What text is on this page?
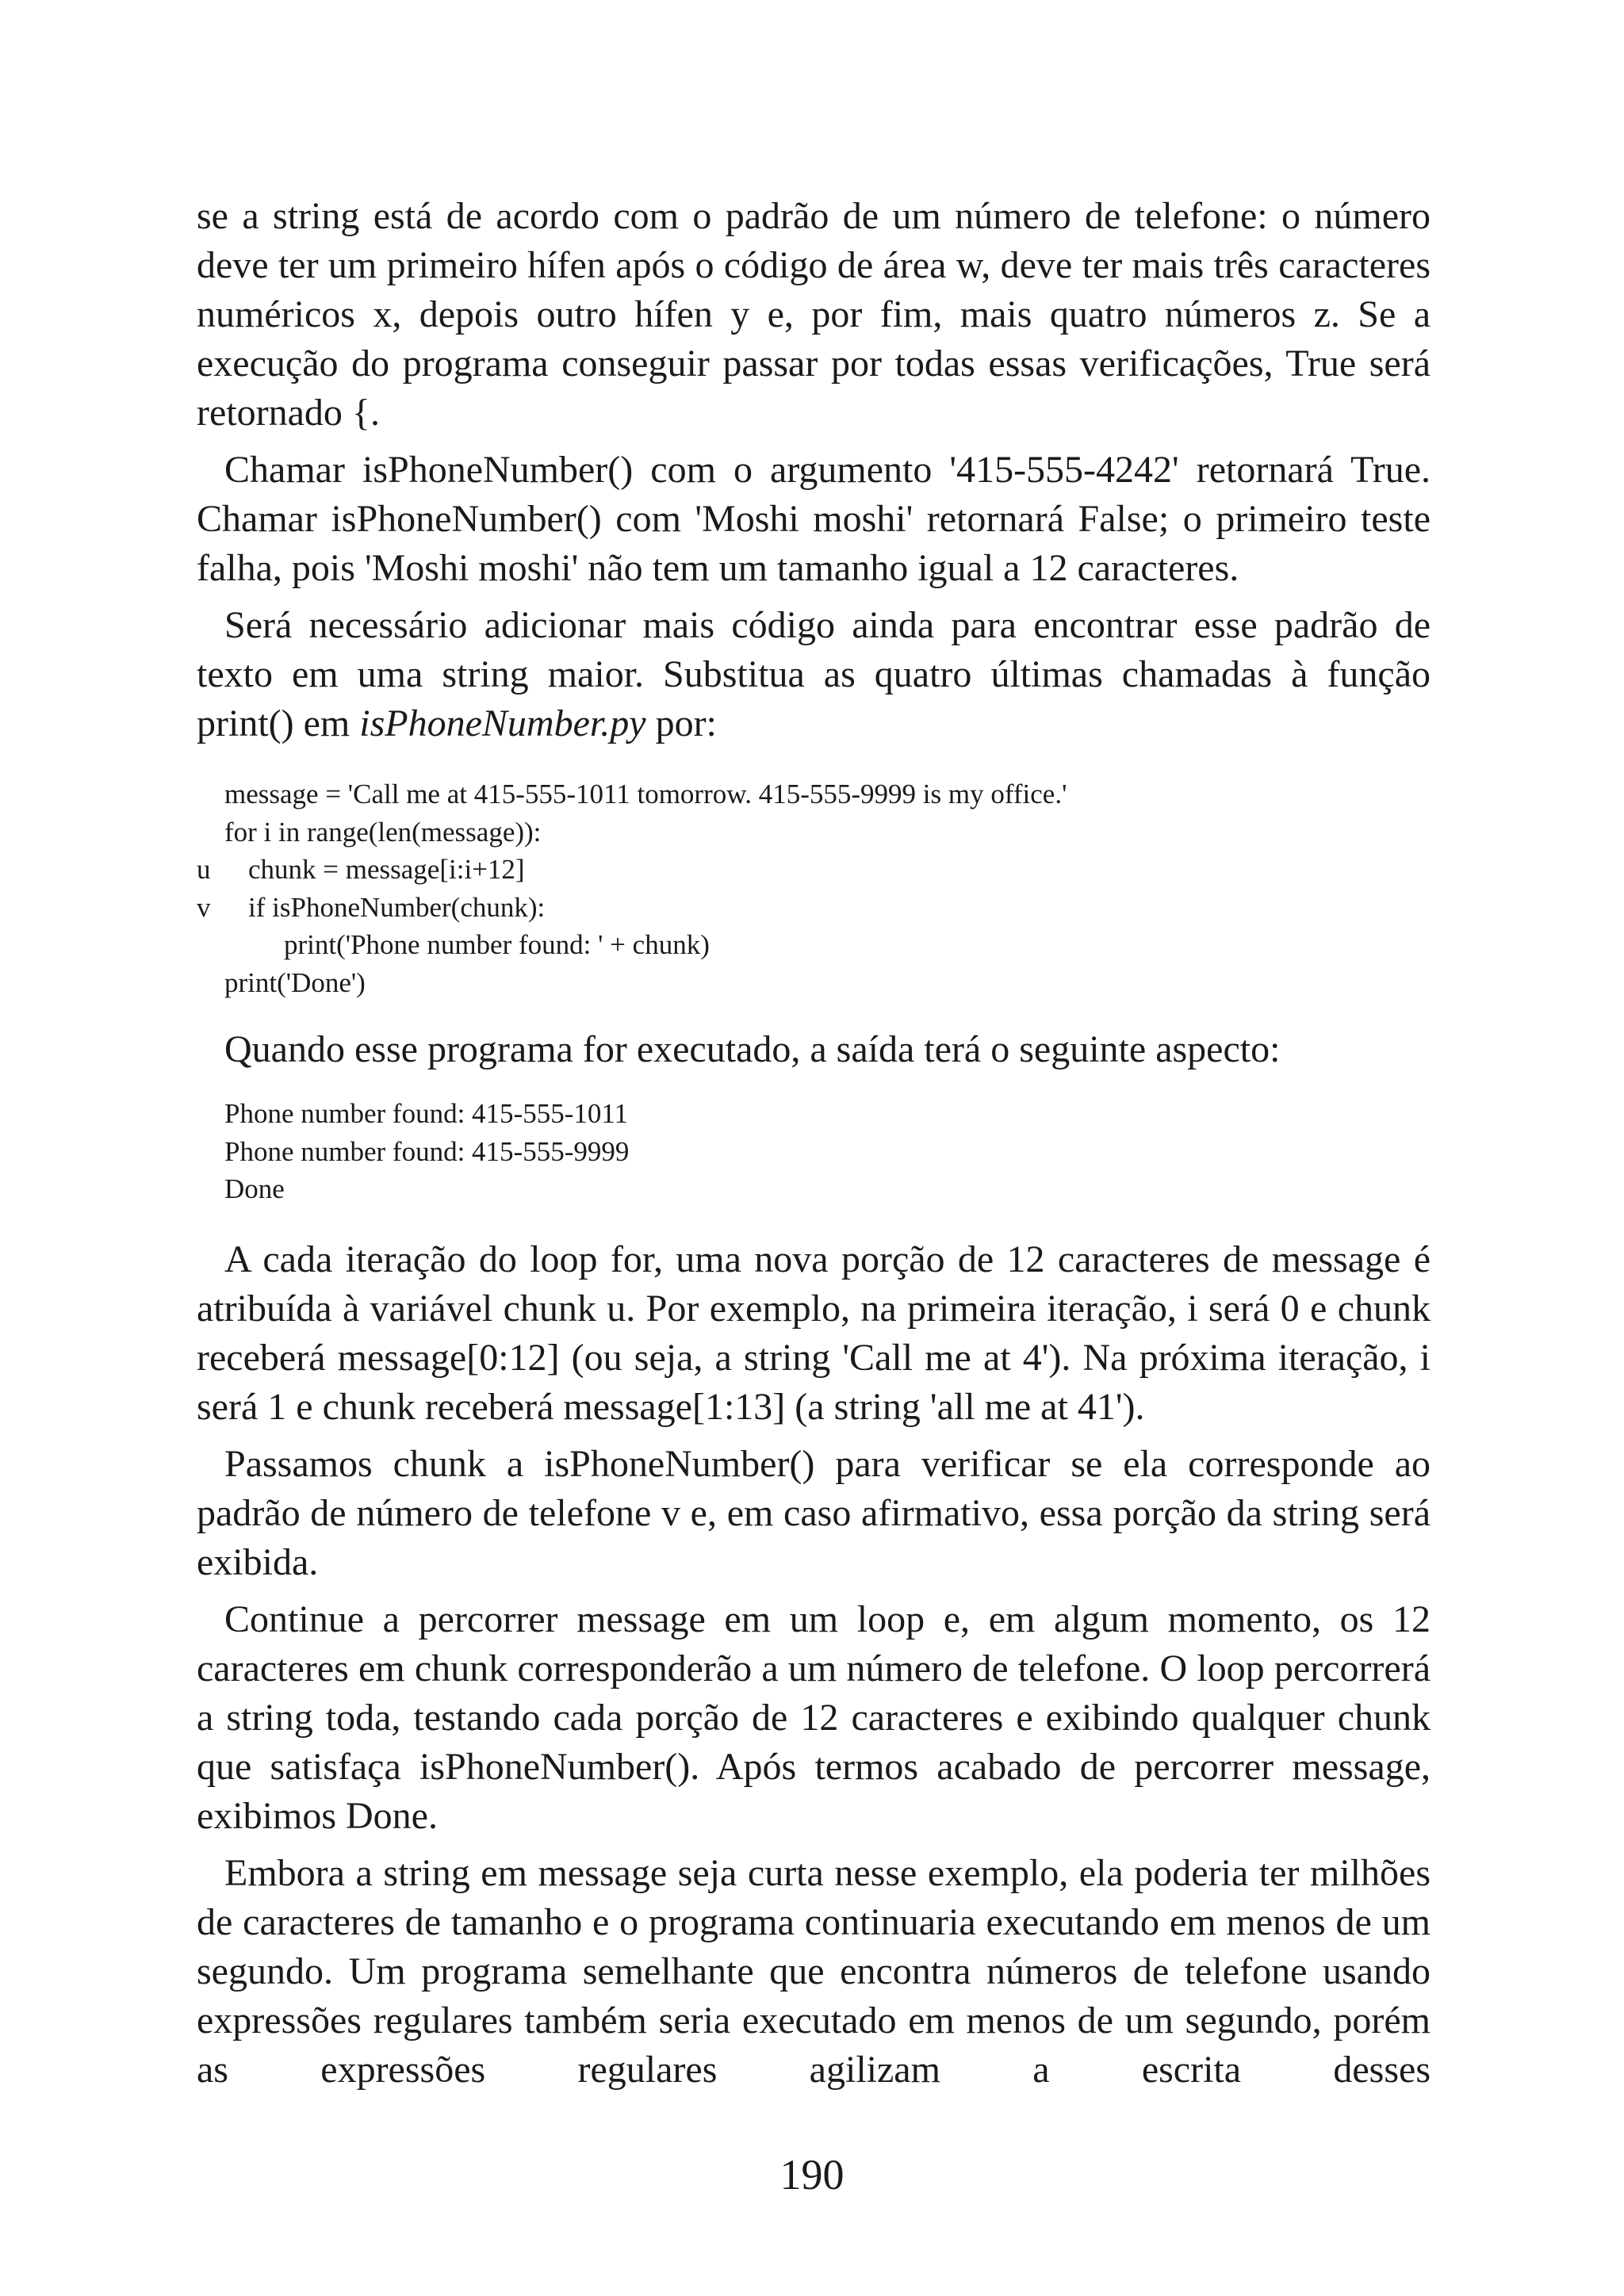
se a string está de acordo com o padrão de um número de telefone: o número deve ter um primeiro hífen após o código de área w, deve ter mais três caracteres numéricos x, depois outro hífen y e, por fim, mais quatro números z. Se a execução do programa conseguir passar por todas essas verificações, True será retornado {.

Chamar isPhoneNumber() com o argumento '415-555-4242' retornará True. Chamar isPhoneNumber() com 'Moshi moshi' retornará False; o primeiro teste falha, pois 'Moshi moshi' não tem um tamanho igual a 12 caracteres.

Será necessário adicionar mais código ainda para encontrar esse padrão de texto em uma string maior. Substitua as quatro últimas chamadas à função print() em isPhoneNumber.py por:

message = 'Call me at 415-555-1011 tomorrow. 415-555-9999 is my office.'
for i in range(len(message)):
u chunk = message[i:i+12]
v if isPhoneNumber(chunk):
print('Phone number found: ' + chunk)
print('Done')

Quando esse programa for executado, a saída terá o seguinte aspecto:

Phone number found: 415-555-1011
Phone number found: 415-555-9999
Done

A cada iteração do loop for, uma nova porção de 12 caracteres de message é atribuída à variável chunk u. Por exemplo, na primeira iteração, i será 0 e chunk receberá message[0:12] (ou seja, a string 'Call me at 4'). Na próxima iteração, i será 1 e chunk receberá message[1:13] (a string 'all me at 41').

Passamos chunk a isPhoneNumber() para verificar se ela corresponde ao padrão de número de telefone v e, em caso afirmativo, essa porção da string será exibida.

Continue a percorrer message em um loop e, em algum momento, os 12 caracteres em chunk corresponderão a um número de telefone. O loop percorrerá a string toda, testando cada porção de 12 caracteres e exibindo qualquer chunk que satisfaça isPhoneNumber(). Após termos acabado de percorrer message, exibimos Done.

Embora a string em message seja curta nesse exemplo, ela poderia ter milhões de caracteres de tamanho e o programa continuaria executando em menos de um segundo. Um programa semelhante que encontra números de telefone usando expressões regulares também seria executado em menos de um segundo, porém as expressões regulares agilizam a escrita desses

190
